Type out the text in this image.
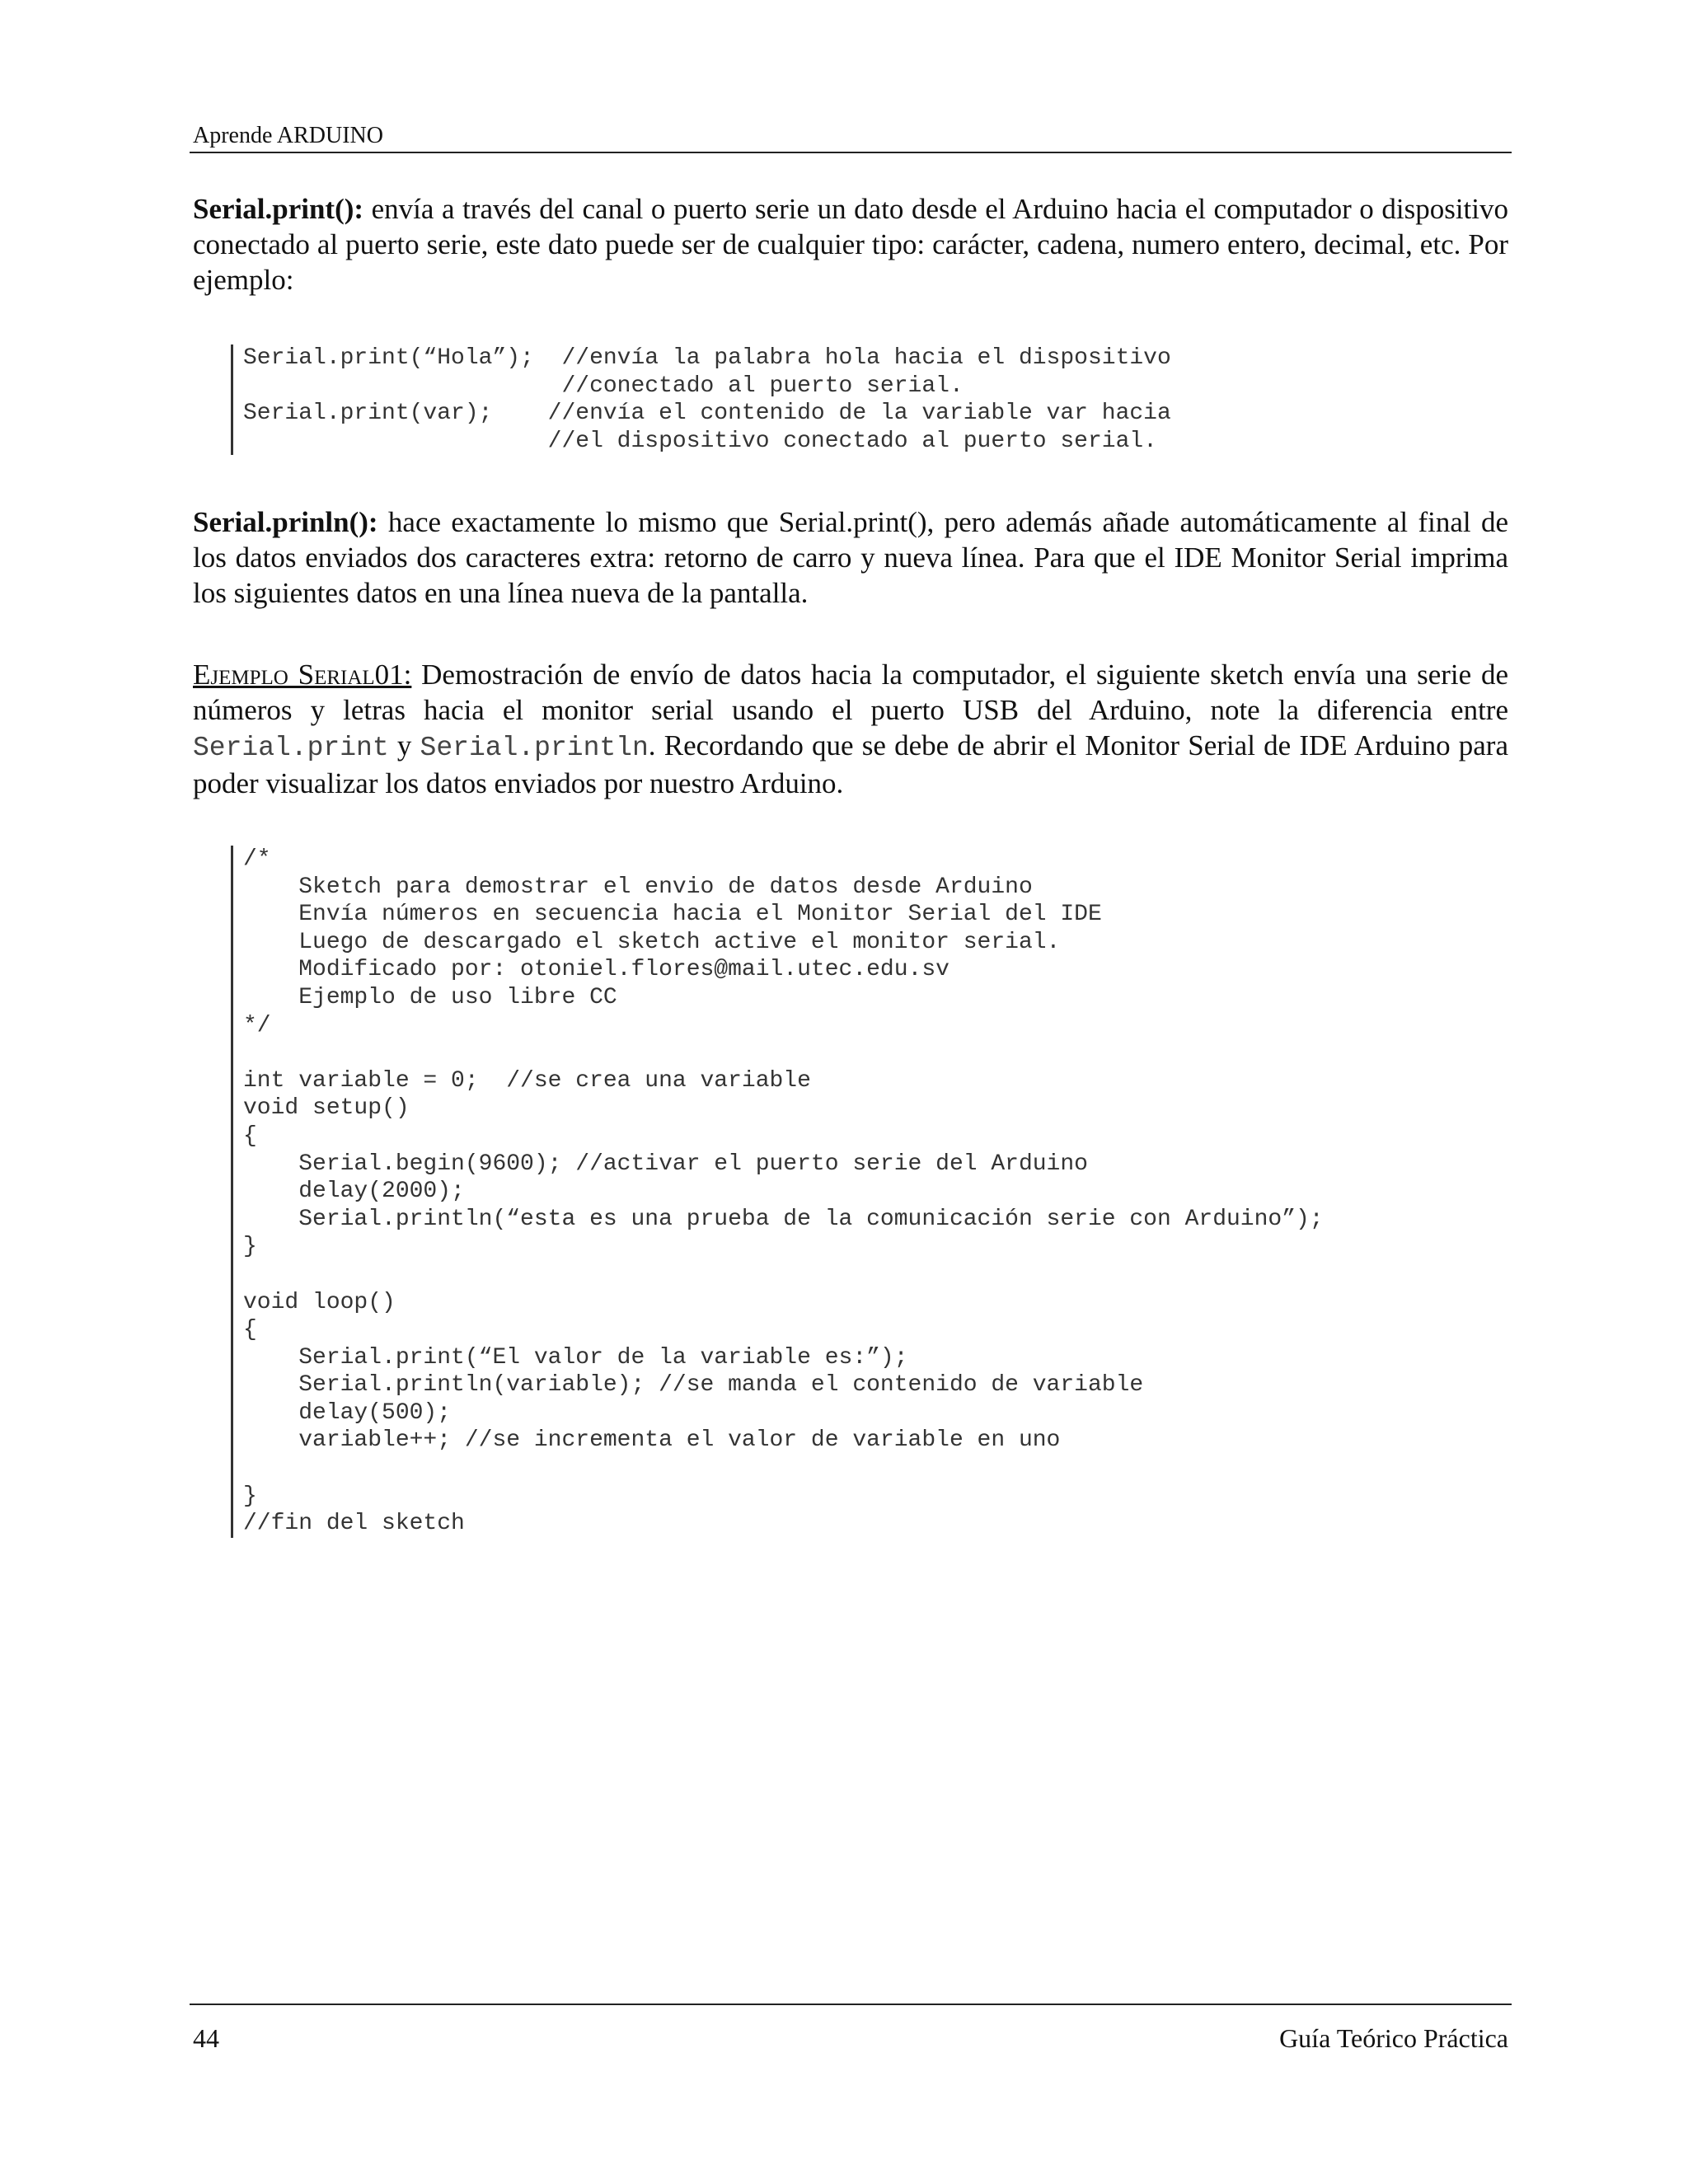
Aprende ARDUINO
Serial.print(): envía a través del canal o puerto serie un dato desde el Arduino hacia el computador o dispositivo conectado al puerto serie, este dato puede ser de cualquier tipo: carácter, cadena, numero entero, decimal, etc. Por ejemplo:
Serial.print(“Hola”);  //envía la palabra hola hacia el dispositivo
//conectado al puerto serial.
Serial.print(var);    //envía el contenido de la variable var hacia
//el dispositivo conectado al puerto serial.
Serial.prinln(): hace exactamente lo mismo que Serial.print(), pero además añade automáticamente al final de los datos enviados dos caracteres extra: retorno de carro y nueva línea. Para que el IDE Monitor Serial imprima los siguientes datos en una línea nueva de la pantalla.
Ejemplo Serial01: Demostración de envío de datos hacia la computador, el siguiente sketch envía una serie de números y letras hacia el monitor serial usando el puerto USB del Arduino, note la diferencia entre Serial.print y Serial.println. Recordando que se debe de abrir el Monitor Serial de IDE Arduino para poder visualizar los datos enviados por nuestro Arduino.
/*
Sketch para demostrar el envio de datos desde Arduino
Envía números en secuencia hacia el Monitor Serial del IDE
Luego de descargado el sketch active el monitor serial.
Modificado por: otoniel.flores@mail.utec.edu.sv
Ejemplo de uso libre CC
*/
int variable = 0;  //se crea una variable
void setup()
{
Serial.begin(9600); //activar el puerto serie del Arduino
delay(2000);
Serial.println(“esta es una prueba de la comunicación serie con Arduino”);
}
void loop()
{
Serial.print(“El valor de la variable es:”);
Serial.println(variable); //se manda el contenido de variable
delay(500);
variable++; //se incrementa el valor de variable en uno
}
//fin del sketch
44	Guía Teórico Práctica
